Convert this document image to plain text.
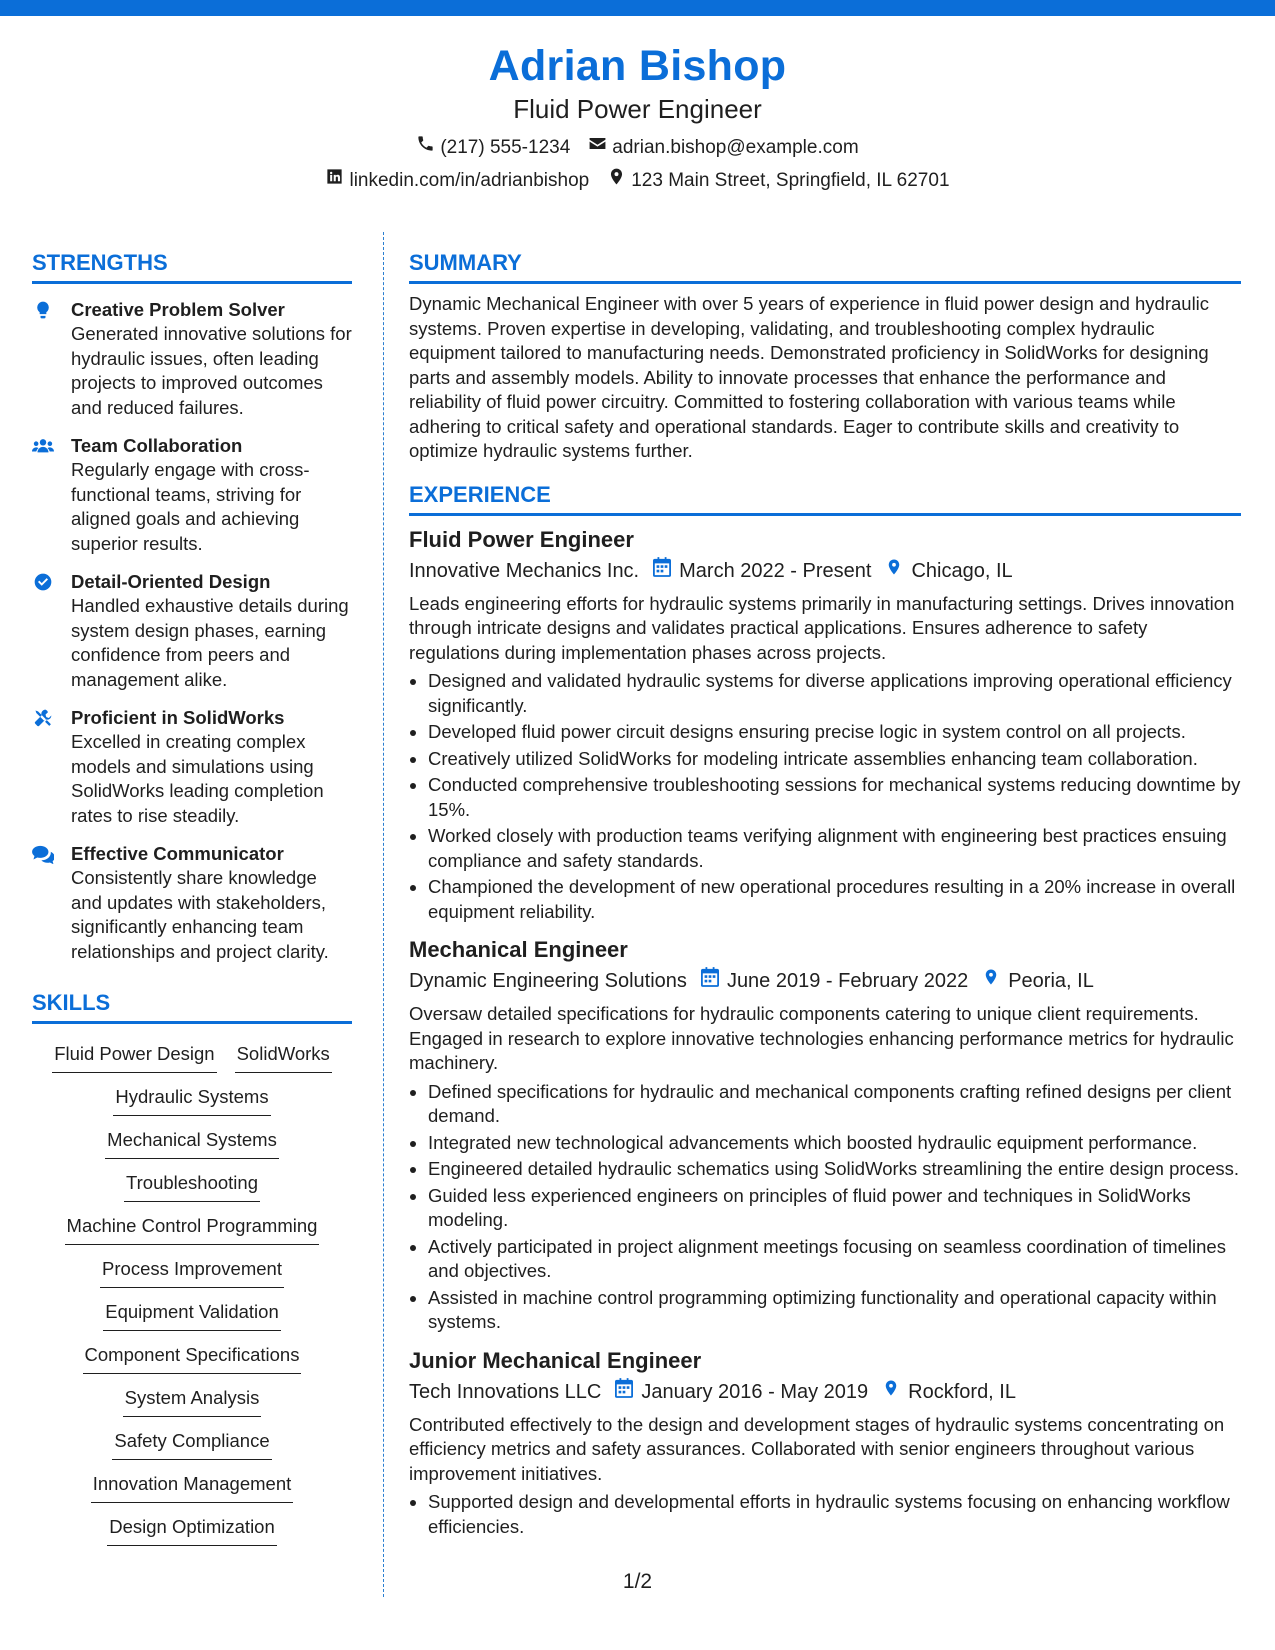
Adrian Bishop
Fluid Power Engineer
(217) 555-1234 adrian.bishop@example.com
linkedin.com/in/adrianbishop 123 Main Street, Springfield, IL 62701
STRENGTHS
Creative Problem Solver
Generated innovative solutions for hydraulic issues, often leading projects to improved outcomes and reduced failures.
Team Collaboration
Regularly engage with cross-functional teams, striving for aligned goals and achieving superior results.
Detail-Oriented Design
Handled exhaustive details during system design phases, earning confidence from peers and management alike.
Proficient in SolidWorks
Excelled in creating complex models and simulations using SolidWorks leading completion rates to rise steadily.
Effective Communicator
Consistently share knowledge and updates with stakeholders, significantly enhancing team relationships and project clarity.
SKILLS
Fluid Power Design SolidWorks
Hydraulic Systems
Mechanical Systems
Troubleshooting
Machine Control Programming
Process Improvement
Equipment Validation
Component Specifications
System Analysis
Safety Compliance
Innovation Management
Design Optimization
SUMMARY
Dynamic Mechanical Engineer with over 5 years of experience in fluid power design and hydraulic systems. Proven expertise in developing, validating, and troubleshooting complex hydraulic equipment tailored to manufacturing needs. Demonstrated proficiency in SolidWorks for designing parts and assembly models. Ability to innovate processes that enhance the performance and reliability of fluid power circuitry. Committed to fostering collaboration with various teams while adhering to critical safety and operational standards. Eager to contribute skills and creativity to optimize hydraulic systems further.
EXPERIENCE
Fluid Power Engineer
Innovative Mechanics Inc. March 2022 - Present Chicago, IL
Leads engineering efforts for hydraulic systems primarily in manufacturing settings. Drives innovation through intricate designs and validates practical applications. Ensures adherence to safety regulations during implementation phases across projects.
• Designed and validated hydraulic systems for diverse applications improving operational efficiency significantly.
• Developed fluid power circuit designs ensuring precise logic in system control on all projects.
• Creatively utilized SolidWorks for modeling intricate assemblies enhancing team collaboration.
• Conducted comprehensive troubleshooting sessions for mechanical systems reducing downtime by 15%.
• Worked closely with production teams verifying alignment with engineering best practices ensuing compliance and safety standards.
• Championed the development of new operational procedures resulting in a 20% increase in overall equipment reliability.
Mechanical Engineer
Dynamic Engineering Solutions June 2019 - February 2022 Peoria, IL
Oversaw detailed specifications for hydraulic components catering to unique client requirements. Engaged in research to explore innovative technologies enhancing performance metrics for hydraulic machinery.
• Defined specifications for hydraulic and mechanical components crafting refined designs per client demand.
• Integrated new technological advancements which boosted hydraulic equipment performance.
• Engineered detailed hydraulic schematics using SolidWorks streamlining the entire design process.
• Guided less experienced engineers on principles of fluid power and techniques in SolidWorks modeling.
• Actively participated in project alignment meetings focusing on seamless coordination of timelines and objectives.
• Assisted in machine control programming optimizing functionality and operational capacity within systems.
Junior Mechanical Engineer
Tech Innovations LLC January 2016 - May 2019 Rockford, IL
Contributed effectively to the design and development stages of hydraulic systems concentrating on efficiency metrics and safety assurances. Collaborated with senior engineers throughout various improvement initiatives.
• Supported design and developmental efforts in hydraulic systems focusing on enhancing workflow efficiencies.
1/2
